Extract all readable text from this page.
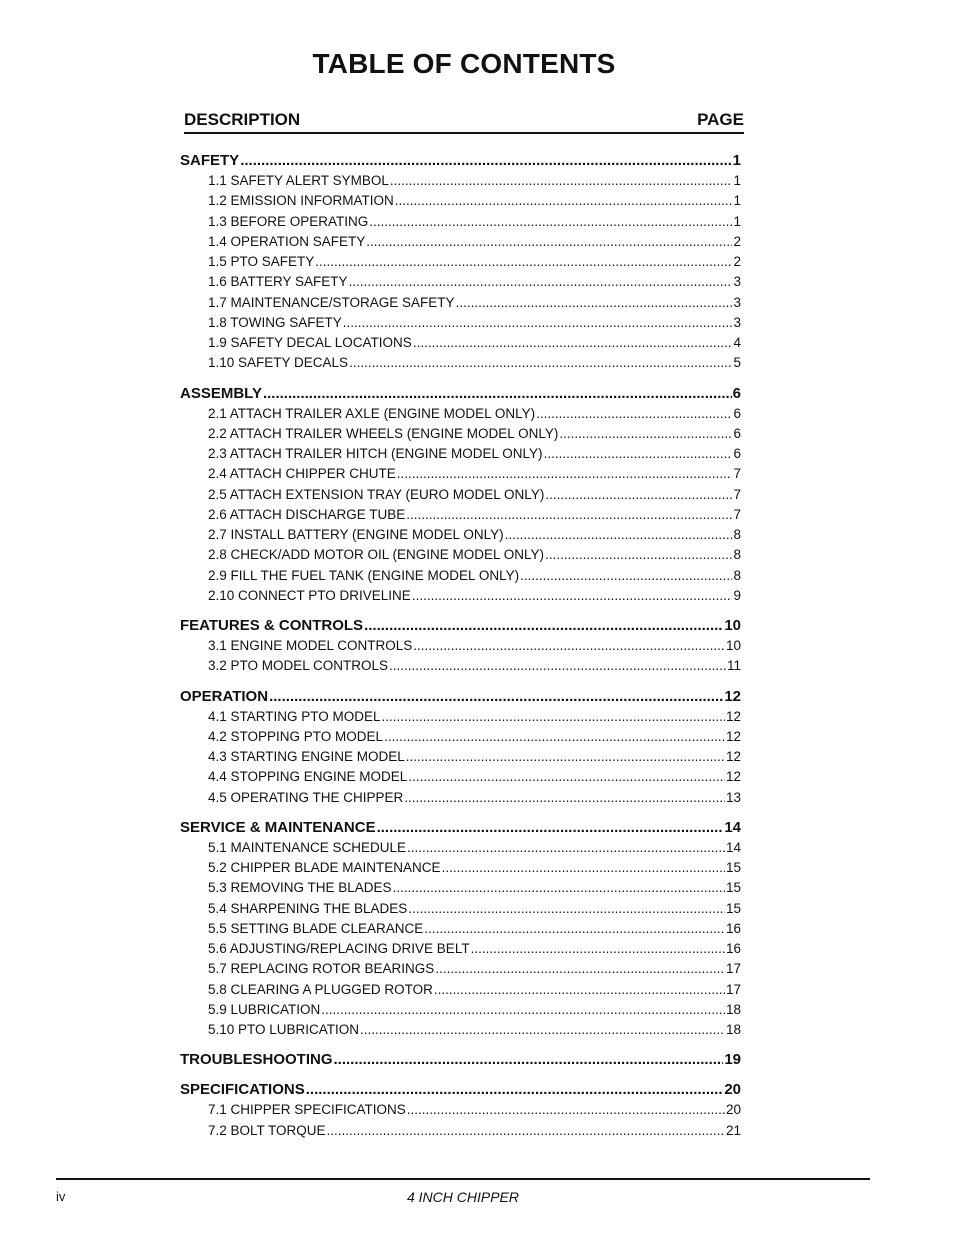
TABLE OF CONTENTS
DESCRIPTION	PAGE
SAFETY .....	1
1.1 SAFETY ALERT SYMBOL .....	1
1.2 EMISSION INFORMATION .....	1
1.3 BEFORE OPERATING .....	1
1.4 OPERATION SAFETY .....	2
1.5 PTO SAFETY .....	2
1.6 BATTERY SAFETY .....	3
1.7 MAINTENANCE/STORAGE SAFETY .....	3
1.8 TOWING SAFETY .....	3
1.9 SAFETY DECAL LOCATIONS .....	4
1.10 SAFETY DECALS .....	5
ASSEMBLY .....	6
2.1 ATTACH TRAILER AXLE (ENGINE MODEL ONLY) .....	6
2.2 ATTACH TRAILER WHEELS (ENGINE MODEL ONLY) .....	6
2.3 ATTACH TRAILER HITCH (ENGINE MODEL ONLY) .....	6
2.4 ATTACH CHIPPER CHUTE .....	7
2.5 ATTACH EXTENSION TRAY (EURO MODEL ONLY) .....	7
2.6 ATTACH DISCHARGE TUBE .....	7
2.7 INSTALL BATTERY (ENGINE MODEL ONLY) .....	8
2.8 CHECK/ADD MOTOR OIL (ENGINE MODEL ONLY) .....	8
2.9 FILL THE FUEL TANK (ENGINE MODEL ONLY) .....	8
2.10 CONNECT PTO DRIVELINE .....	9
FEATURES & CONTROLS .....	10
3.1 ENGINE MODEL CONTROLS .....	10
3.2 PTO MODEL CONTROLS .....	11
OPERATION .....	12
4.1 STARTING PTO MODEL .....	12
4.2 STOPPING PTO MODEL .....	12
4.3 STARTING ENGINE MODEL .....	12
4.4 STOPPING ENGINE MODEL .....	12
4.5 OPERATING THE CHIPPER .....	13
SERVICE & MAINTENANCE .....	14
5.1 MAINTENANCE SCHEDULE .....	14
5.2 CHIPPER BLADE MAINTENANCE .....	15
5.3 REMOVING THE BLADES .....	15
5.4 SHARPENING THE BLADES .....	15
5.5 SETTING BLADE CLEARANCE .....	16
5.6 ADJUSTING/REPLACING DRIVE BELT .....	16
5.7 REPLACING ROTOR BEARINGS .....	17
5.8 CLEARING A PLUGGED ROTOR .....	17
5.9 LUBRICATION .....	18
5.10 PTO LUBRICATION .....	18
TROUBLESHOOTING .....	19
SPECIFICATIONS .....	20
7.1 CHIPPER SPECIFICATIONS .....	20
7.2 BOLT TORQUE .....	21
iv	4 INCH CHIPPER
